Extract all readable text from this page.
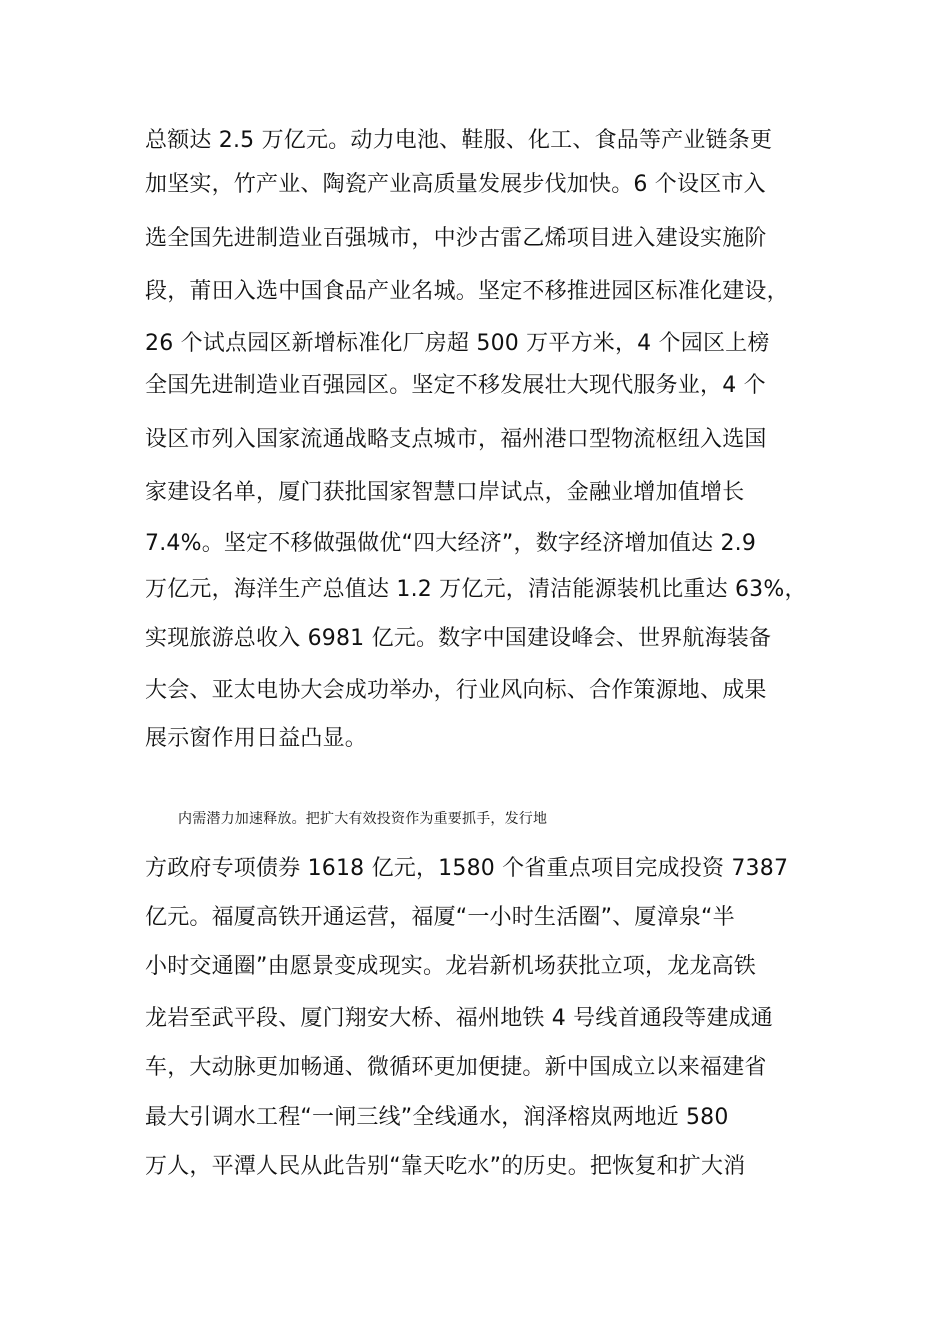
总额达 2.5 万亿元。动力电池、鞋服、化工、食品等产业链条更
加坚实，竹产业、陶瓷产业高质量发展步伐加快。6 个设区市入
选全国先进制造业百强城市，中沙古雷乙烯项目进入建设实施阶
段，莆田入选中国食品产业名城。坚定不移推进园区标准化建设，
26 个试点园区新增标准化厂房超 500 万平方米，4 个园区上榜
全国先进制造业百强园区。坚定不移发展壮大现代服务业，4 个
设区市列入国家流通战略支点城市，福州港口型物流枢纽入选国
家建设名单，厦门获批国家智慧口岸试点，金融业增加值增长
7.4%。坚定不移做强做优“四大经济”，数字经济增加值达 2.9
万亿元，海洋生产总值达 1.2 万亿元，清洁能源装机比重达 63%，
实现旅游总收入 6981 亿元。数字中国建设峰会、世界航海装备
大会、亚太电协大会成功举办，行业风向标、合作策源地、成果
展示窗作用日益凸显。
内需潜力加速释放。把扩大有效投资作为重要抓手，发行地
方政府专项债券 1618 亿元，1580 个省重点项目完成投资 7387
亿元。福厦高铁开通运营，福厦“一小时生活圈”、厦漳泉“半
小时交通圈”由愿景变成现实。龙岩新机场获批立项，龙龙高铁
龙岩至武平段、厦门翔安大桥、福州地铁 4 号线首通段等建成通
车，大动脉更加畅通、微循环更加便捷。新中国成立以来福建省
最大引调水工程“一闸三线”全线通水，润泽榕岚两地近 580
万人，平潭人民从此告别“靠天吃水”的历史。把恢复和扩大消
